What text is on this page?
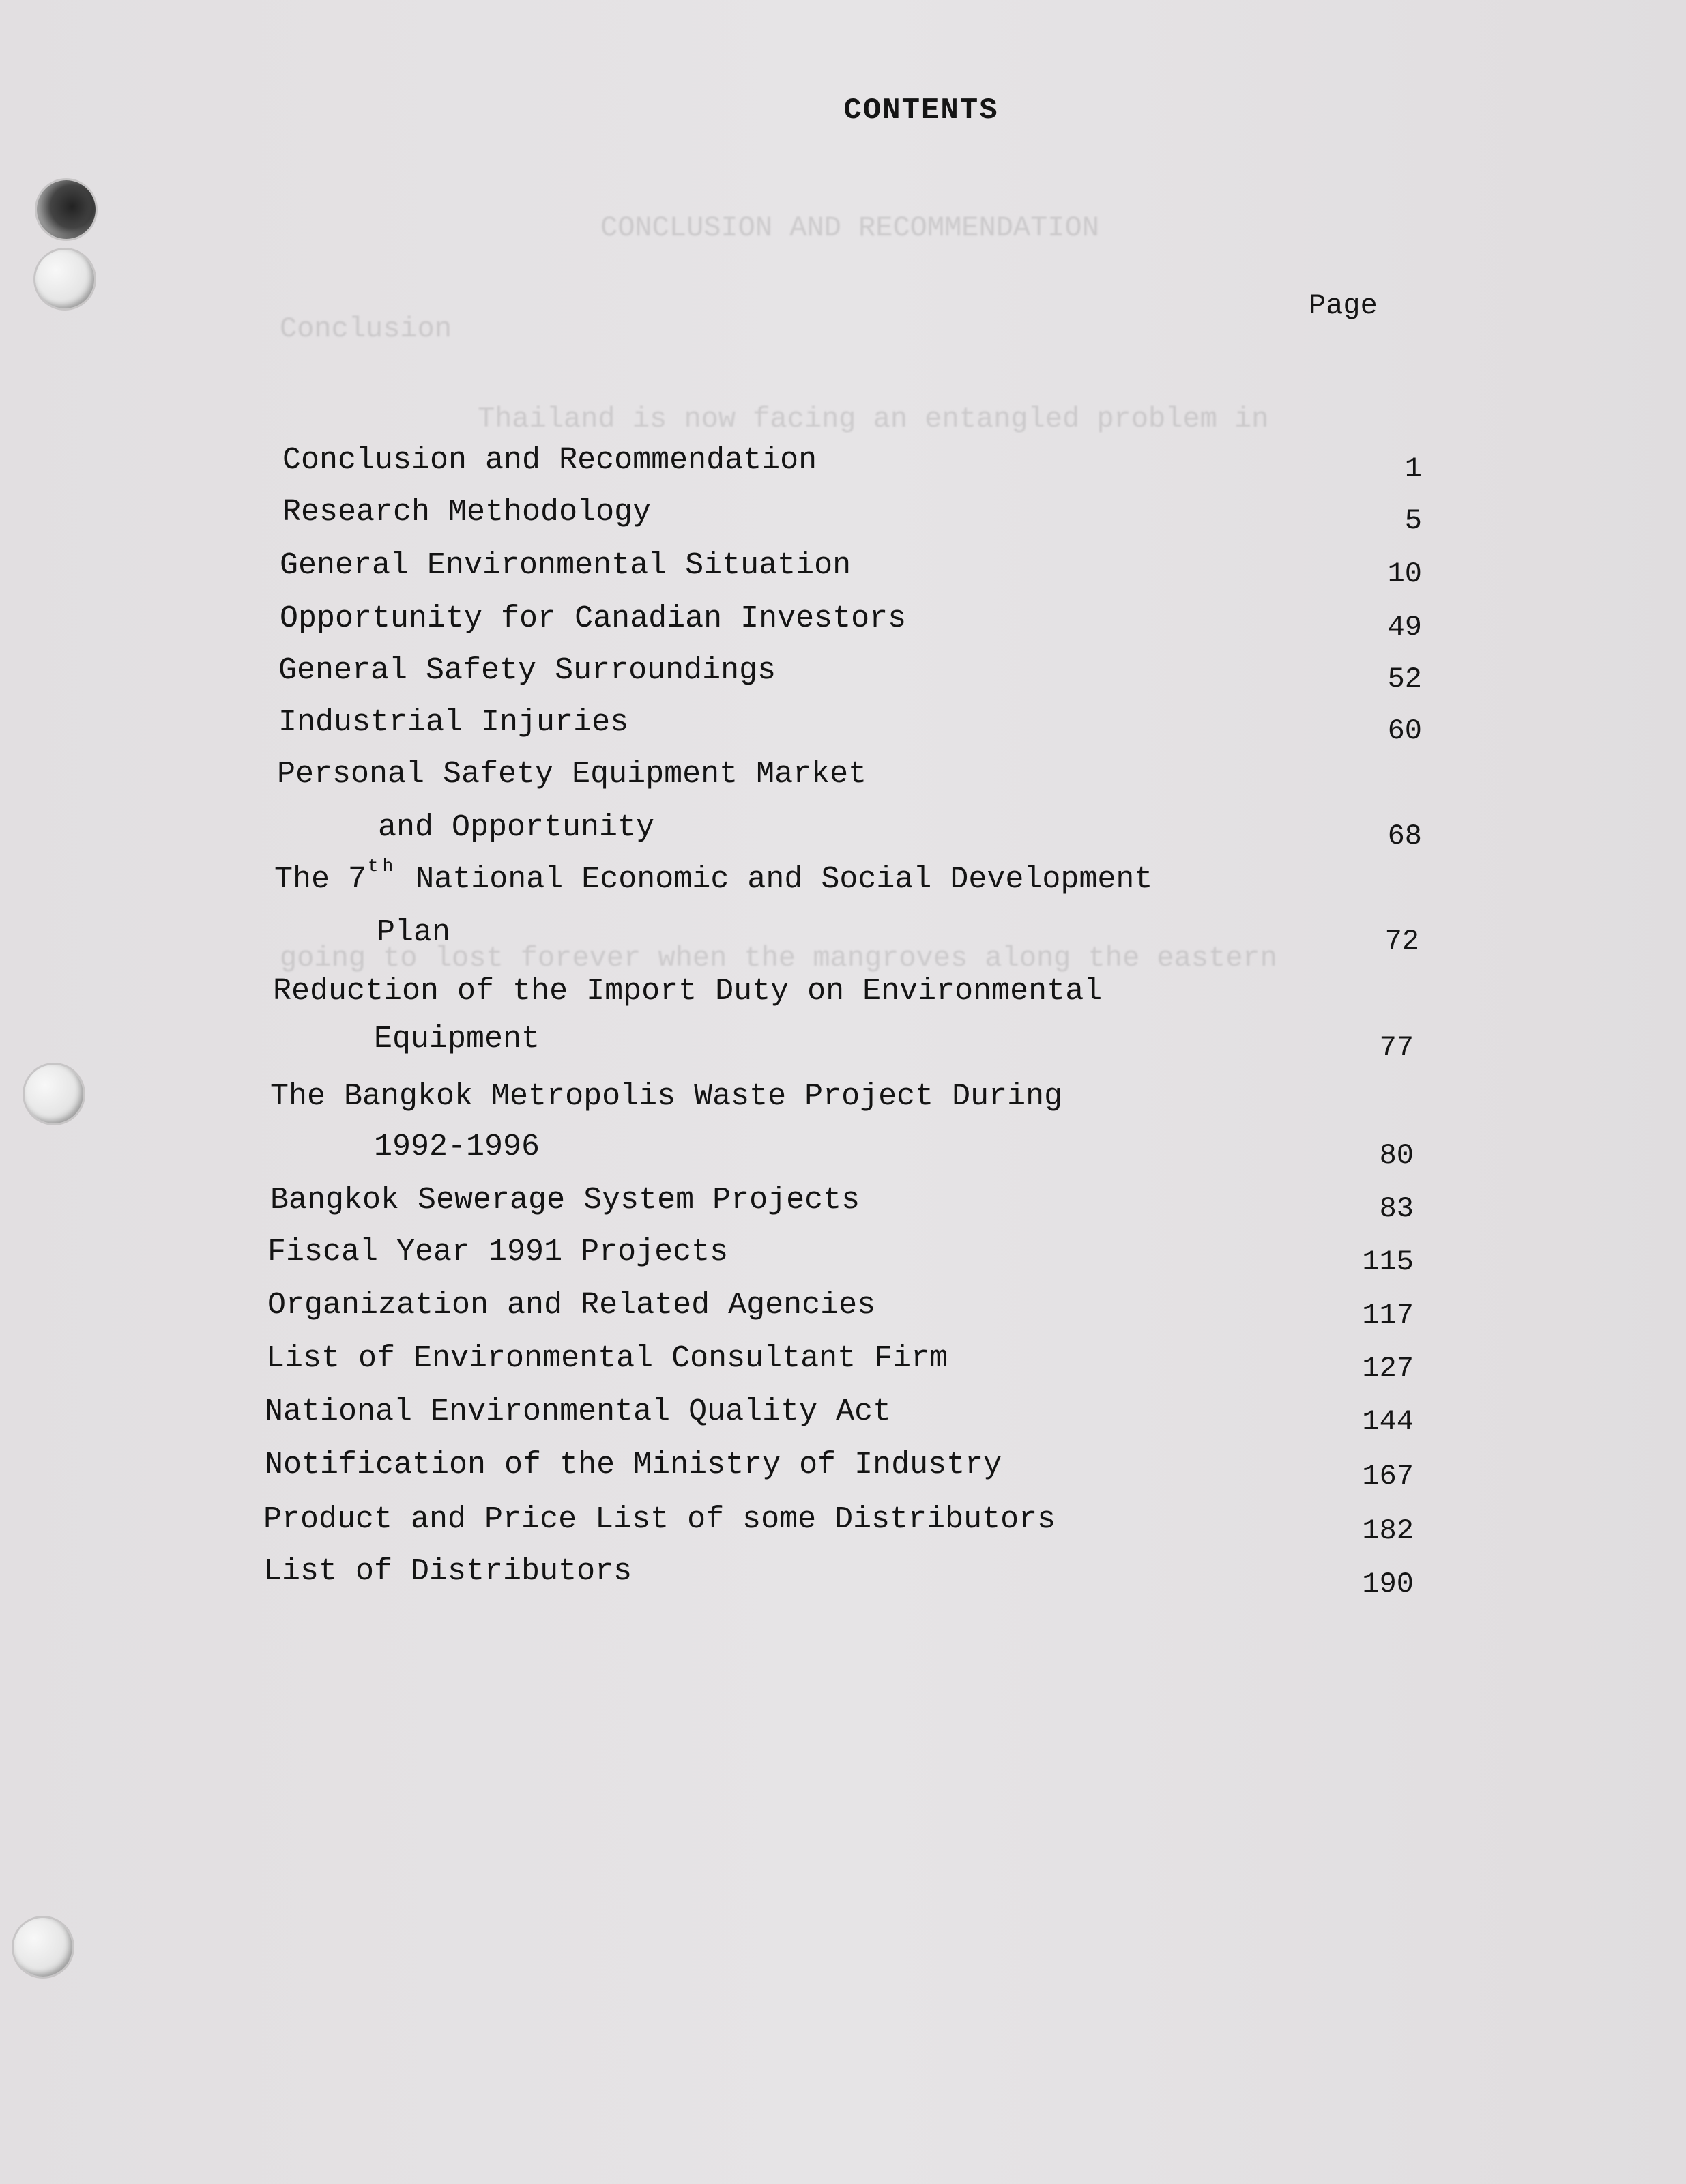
CONCLUSION AND RECOMMENDATION
Conclusion
Thailand is now facing an entangled problem in
going to lost forever when the mangroves along the eastern
CONTENTS
Page
Conclusion and Recommendation	1
Research Methodology	5
General Environmental Situation	10
Opportunity for Canadian Investors	49
General Safety Surroundings	52
Industrial Injuries	60
Personal Safety Equipment Market
and Opportunity	68
The 7th National Economic and Social Development
Plan	72
Reduction of the Import Duty on Environmental
Equipment	77
The Bangkok Metropolis Waste Project During
1992-1996	80
Bangkok Sewerage System Projects	83
Fiscal Year 1991 Projects	115
Organization and Related Agencies	117
List of Environmental Consultant Firm	127
National Environmental Quality Act	144
Notification of the Ministry of Industry	167
Product and Price List of some Distributors	182
List of Distributors	190
